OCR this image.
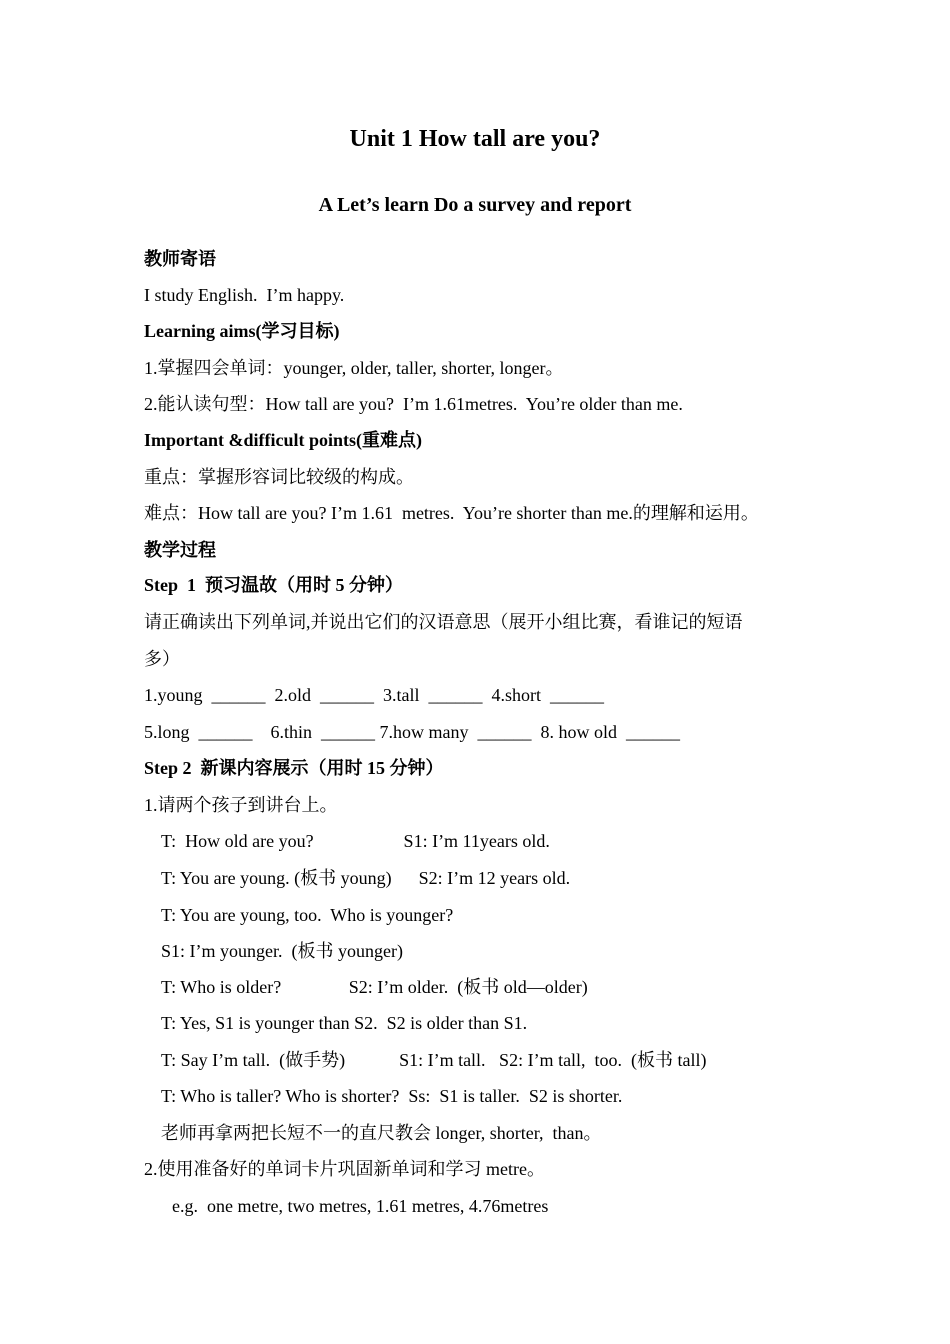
Unit 1 How tall are you?
A Let’s learn Do a survey and report
教师寄语
I study English.  I’m happy.
Learning aims(学习目标)
1.掌握四会单词：younger, older, taller, shorter, longer。
2.能认读句型：How tall are you?  I’m 1.61metres.  You’re older than me.
Important &difficult points(重难点)
重点：掌握形容词比较级的构成。
难点：How tall are you? I’m 1.61  metres.  You’re shorter than me.的理解和运用。
教学过程
Step  1  预习温故（用时 5 分钟）
请正确读出下列单词,并说出它们的汉语意思（展开小组比赛，看谁记的短语
多）
1.young  ______  2.old  ______  3.tall  ______  4.short  ______
5.long  ______    6.thin  ______ 7.how many  ______  8. how old  ______
Step 2  新课内容展示（用时 15 分钟）
1.请两个孩子到讲台上。
T:  How old are you?                    S1: I’m 11years old.
T: You are young. (板书 young)      S2: I’m 12 years old.
T: You are young, too.  Who is younger?
S1: I’m younger.  (板书 younger)
T: Who is older?               S2: I’m older.  (板书 old—older)
T: Yes, S1 is younger than S2.  S2 is older than S1.
T: Say I’m tall.  (做手势)            S1: I’m tall.   S2: I’m tall,  too.  (板书 tall)
T: Who is taller? Who is shorter?  Ss:  S1 is taller.  S2 is shorter.
老师再拿两把长短不一的直尺教会 longer, shorter,  than。
2.使用准备好的单词卡片巩固新单词和学习 metre。
e.g.  one metre, two metres, 1.61 metres, 4.76metres
